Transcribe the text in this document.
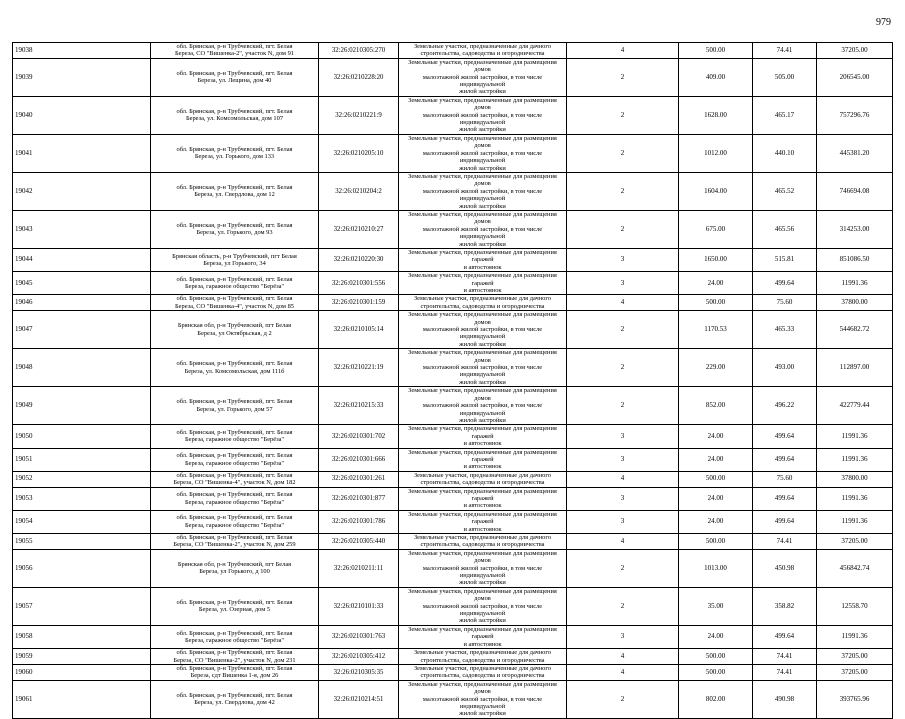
979
19038	обл. Брянская, р-н Трубчевский, пгт. Белая
Береза, СО "Вишенка-2", участок N, дом 91	32:26:0210305:270	Земельные участки, предназначенные для дачного
строительства, садоводства и огородничества	4	500.00	74.41	37205.00
19039	обл. Брянская, р-н Трубчевский, пгт. Белая
Береза, ул. Лещина, дом 40	32:26:0210228:20	Земельные участки, предназначенные для размещения домов
малоэтажной жилой застройки, в том числе индивидуальной
жилой застройки	2	409.00	505.00	206545.00
19040	обл. Брянская, р-н Трубчевский, пгт. Белая
Береза, ул. Комсомольская, дом 107	32:26:0210221:9	Земельные участки, предназначенные для размещения домов
малоэтажной жилой застройки, в том числе индивидуальной
жилой застройки	2	1628.00	465.17	757296.76
19041	обл. Брянская, р-н Трубчевский, пгт. Белая
Береза, ул. Горького, дом 133	32:26:0210205:10	Земельные участки, предназначенные для размещения домов
малоэтажной жилой застройки, в том числе индивидуальной
жилой застройки	2	1012.00	440.10	445381.20
19042	обл. Брянская, р-н Трубчевский, пгт. Белая
Береза, ул. Свердлова, дом 12	32:26:0210204:2	Земельные участки, предназначенные для размещения домов
малоэтажной жилой застройки, в том числе индивидуальной
жилой застройки	2	1604.00	465.52	746694.08
19043	обл. Брянская, р-н Трубчевский, пгт. Белая
Береза, ул. Горького, дом 93	32:26:0210210:27	Земельные участки, предназначенные для размещения домов
малоэтажной жилой застройки, в том числе индивидуальной
жилой застройки	2	675.00	465.56	314253.00
19044	Брянская область, р-н Трубчевский, пгт Белая
Береза, ул Горького, 34	32:26:0210220:30	Земельные участки, предназначенные для размещения гаражей
и автостоянок	3	1650.00	515.81	851086.50
19045	обл. Брянская, р-н Трубчевский, пгт. Белая
Береза, гаражное общество "Берёза"	32:26:0210301:556	Земельные участки, предназначенные для размещения гаражей
и автостоянок	3	24.00	499.64	11991.36
19046	обл. Брянская, р-н Трубчевский, пгт. Белая
Береза, СО "Вишенка-4", участок N, дом 85	32:26:0210301:159	Земельные участки, предназначенные для дачного
строительства, садоводства и огородничества	4	500.00	75.60	37800.00
19047	Брянская обл, р-н Трубчевский, пгт Белая
Береза, ул Октябрьская, д 2	32:26:0210105:14	Земельные участки, предназначенные для размещения домов
малоэтажной жилой застройки, в том числе индивидуальной
жилой застройки	2	1170.53	465.33	544682.72
19048	обл. Брянская, р-н Трубчевский, пгт. Белая
Береза, ул. Комсомольская, дом 111б	32:26:0210221:19	Земельные участки, предназначенные для размещения домов
малоэтажной жилой застройки, в том числе индивидуальной
жилой застройки	2	229.00	493.00	112897.00
19049	обл. Брянская, р-н Трубчевский, пгт. Белая
Береза, ул. Горького, дом 57	32:26:0210215:33	Земельные участки, предназначенные для размещения домов
малоэтажной жилой застройки, в том числе индивидуальной
жилой застройки	2	852.00	496.22	422779.44
19050	обл. Брянская, р-н Трубчевский, пгт. Белая
Береза, гаражное общество "Берёза"	32:26:0210301:702	Земельные участки, предназначенные для размещения гаражей
и автостоянок	3	24.00	499.64	11991.36
19051	обл. Брянская, р-н Трубчевский, пгт. Белая
Береза, гаражное общество "Берёза"	32:26:0210301:666	Земельные участки, предназначенные для размещения гаражей
и автостоянок	3	24.00	499.64	11991.36
19052	обл. Брянская, р-н Трубчевский, пгт. Белая
Береза, СО "Вишенка-4", участок N, дом 182	32:26:0210301:261	Земельные участки, предназначенные для дачного
строительства, садоводства и огородничества	4	500.00	75.60	37800.00
19053	обл. Брянская, р-н Трубчевский, пгт. Белая
Береза, гаражное общество "Берёза"	32:26:0210301:877	Земельные участки, предназначенные для размещения гаражей
и автостоянок	3	24.00	499.64	11991.36
19054	обл. Брянская, р-н Трубчевский, пгт. Белая
Береза, гаражное общество "Берёза"	32:26:0210301:786	Земельные участки, предназначенные для размещения гаражей
и автостоянок	3	24.00	499.64	11991.36
19055	обл. Брянская, р-н Трубчевский, пгт. Белая
Береза, СО "Вишенка-2", участок N, дом 259	32:26:0210305:440	Земельные участки, предназначенные для дачного
строительства, садоводства и огородничества	4	500.00	74.41	37205.00
19056	Брянская обл, р-н Трубчевский, пгт Белая
Береза, ул Горького, д 100	32:26:0210211:11	Земельные участки, предназначенные для размещения домов
малоэтажной жилой застройки, в том числе индивидуальной
жилой застройки	2	1013.00	450.98	456842.74
19057	обл. Брянская, р-н Трубчевский, пгт. Белая
Береза, ул. Озерная, дом 5	32:26:0210101:33	Земельные участки, предназначенные для размещения домов
малоэтажной жилой застройки, в том числе индивидуальной
жилой застройки	2	35.00	358.82	12558.70
19058	обл. Брянская, р-н Трубчевский, пгт. Белая
Береза, гаражное общество "Берёза"	32:26:0210301:763	Земельные участки, предназначенные для размещения гаражей
и автостоянок	3	24.00	499.64	11991.36
19059	обл. Брянская, р-н Трубчевский, пгт. Белая
Береза, СО "Вишенка-2", участок N, дом 231	32:26:0210305:412	Земельные участки, предназначенные для дачного
строительства, садоводства и огородничества	4	500.00	74.41	37205.00
19060	обл. Брянская, р-н Трубчевский, пгт. Белая
Береза, сдт Вишенка 1-я, дом 26	32:26:0210305:35	Земельные участки, предназначенные для дачного
строительства, садоводства и огородничества	4	500.00	74.41	37205.00
19061	обл. Брянская, р-н Трубчевский, пгт. Белая
Береза, ул. Свердлова, дом 42	32:26:0210214:51	Земельные участки, предназначенные для размещения домов
малоэтажной жилой застройки, в том числе индивидуальной
жилой застройки	2	802.00	490.98	393765.96
